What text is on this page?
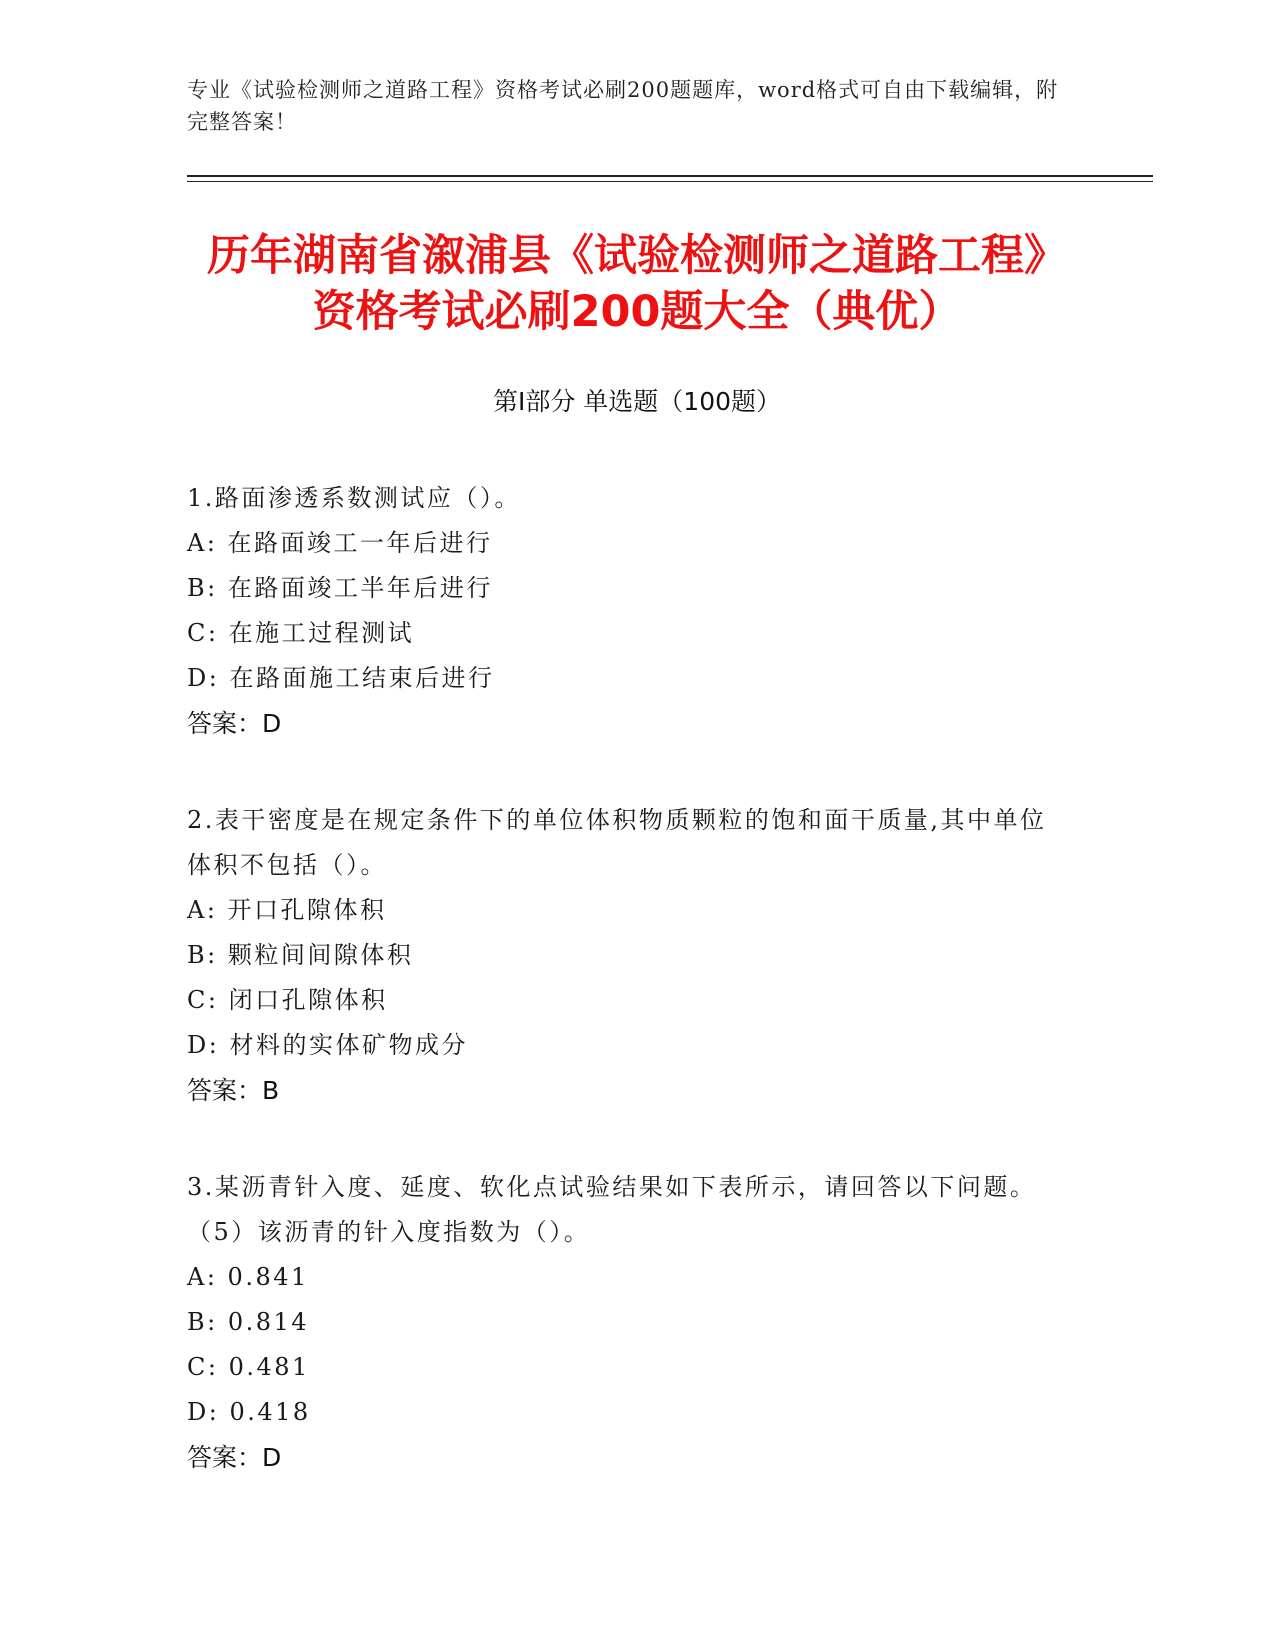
专业《试验检测师之道路工程》资格考试必刷200题题库，word格式可自由下载编辑，附完整答案！
历年湖南省溆浦县《试验检测师之道路工程》资格考试必刷200题大全（典优）
第I部分 单选题（100题）
1.路面渗透系数测试应（）。
A: 在路面竣工一年后进行
B: 在路面竣工半年后进行
C: 在施工过程测试
D: 在路面施工结束后进行
答案：D
2.表干密度是在规定条件下的单位体积物质颗粒的饱和面干质量,其中单位体积不包括（）。
A: 开口孔隙体积
B: 颗粒间间隙体积
C: 闭口孔隙体积
D: 材料的实体矿物成分
答案：B
3.某沥青针入度、延度、软化点试验结果如下表所示，请回答以下问题。（5）该沥青的针入度指数为（）。
A: 0.841
B: 0.814
C: 0.481
D: 0.418
答案：D
